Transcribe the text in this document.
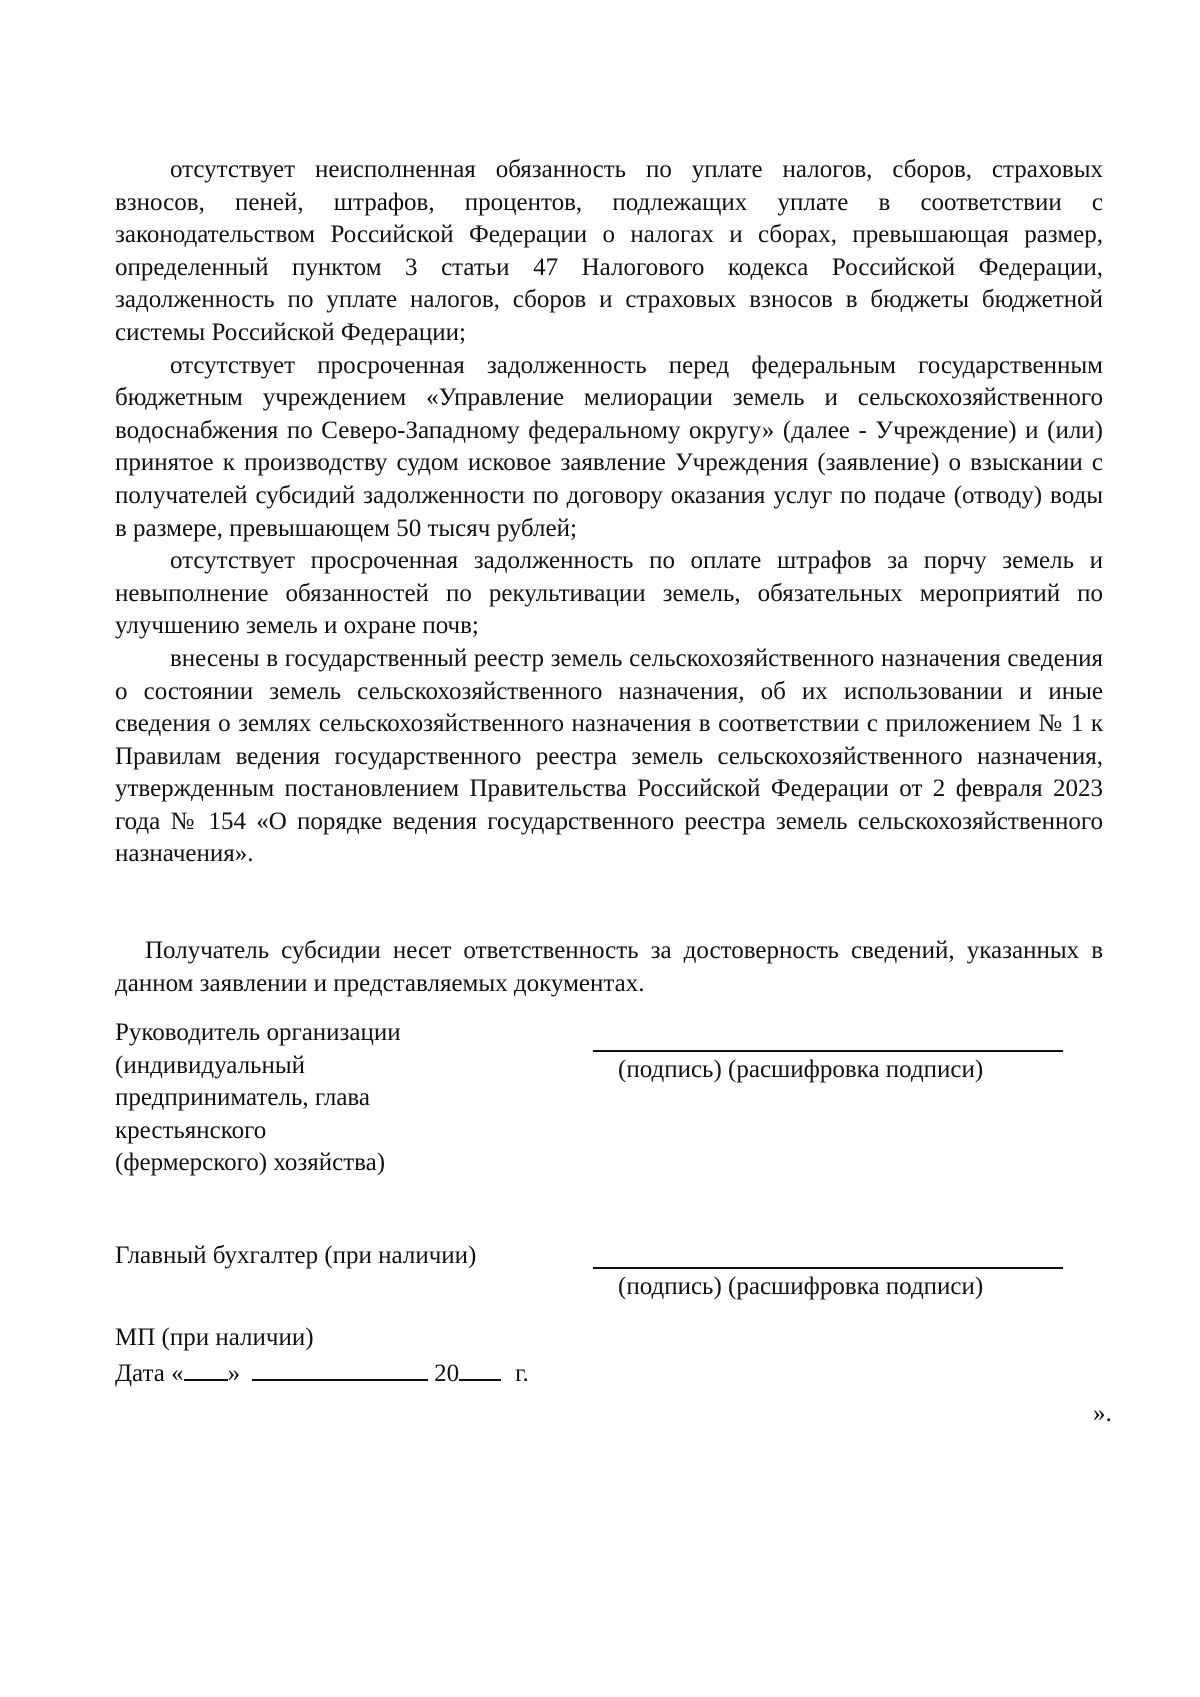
отсутствует неисполненная обязанность по уплате налогов, сборов, страховых взносов, пеней, штрафов, процентов, подлежащих уплате в соответствии с законодательством Российской Федерации о налогах и сборах, превышающая размер, определенный пунктом 3 статьи 47 Налогового кодекса Российской Федерации, задолженность по уплате налогов, сборов и страховых взносов в бюджеты бюджетной системы Российской Федерации;

отсутствует просроченная задолженность перед федеральным государственным бюджетным учреждением «Управление мелиорации земель и сельскохозяйственного водоснабжения по Северо-Западному федеральному округу» (далее - Учреждение) и (или) принятое к производству судом исковое заявление Учреждения (заявление) о взыскании с получателей субсидий задолженности по договору оказания услуг по подаче (отводу) воды в размере, превышающем 50 тысяч рублей;

отсутствует просроченная задолженность по оплате штрафов за порчу земель и невыполнение обязанностей по рекультивации земель, обязательных мероприятий по улучшению земель и охране почв;

внесены в государственный реестр земель сельскохозяйственного назначения сведения о состоянии земель сельскохозяйственного назначения, об их использовании и иные сведения о землях сельскохозяйственного назначения в соответствии с приложением № 1 к Правилам ведения государственного реестра земель сельскохозяйственного назначения, утвержденным постановлением Правительства Российской Федерации от 2 февраля 2023 года № 154 «О порядке ведения государственного реестра земель сельскохозяйственного назначения».

Получатель субсидии несет ответственность за достоверность сведений, указанных в данном заявлении и представляемых документах.

Руководитель организации
(индивидуальный
предприниматель, глава
крестьянского
(фермерского) хозяйства)
(подпись) (расшифровка подписи)
Главный бухгалтер (при наличии)
(подпись) (расшифровка подписи)
МП (при наличии)
Дата « »	20 г.
».
